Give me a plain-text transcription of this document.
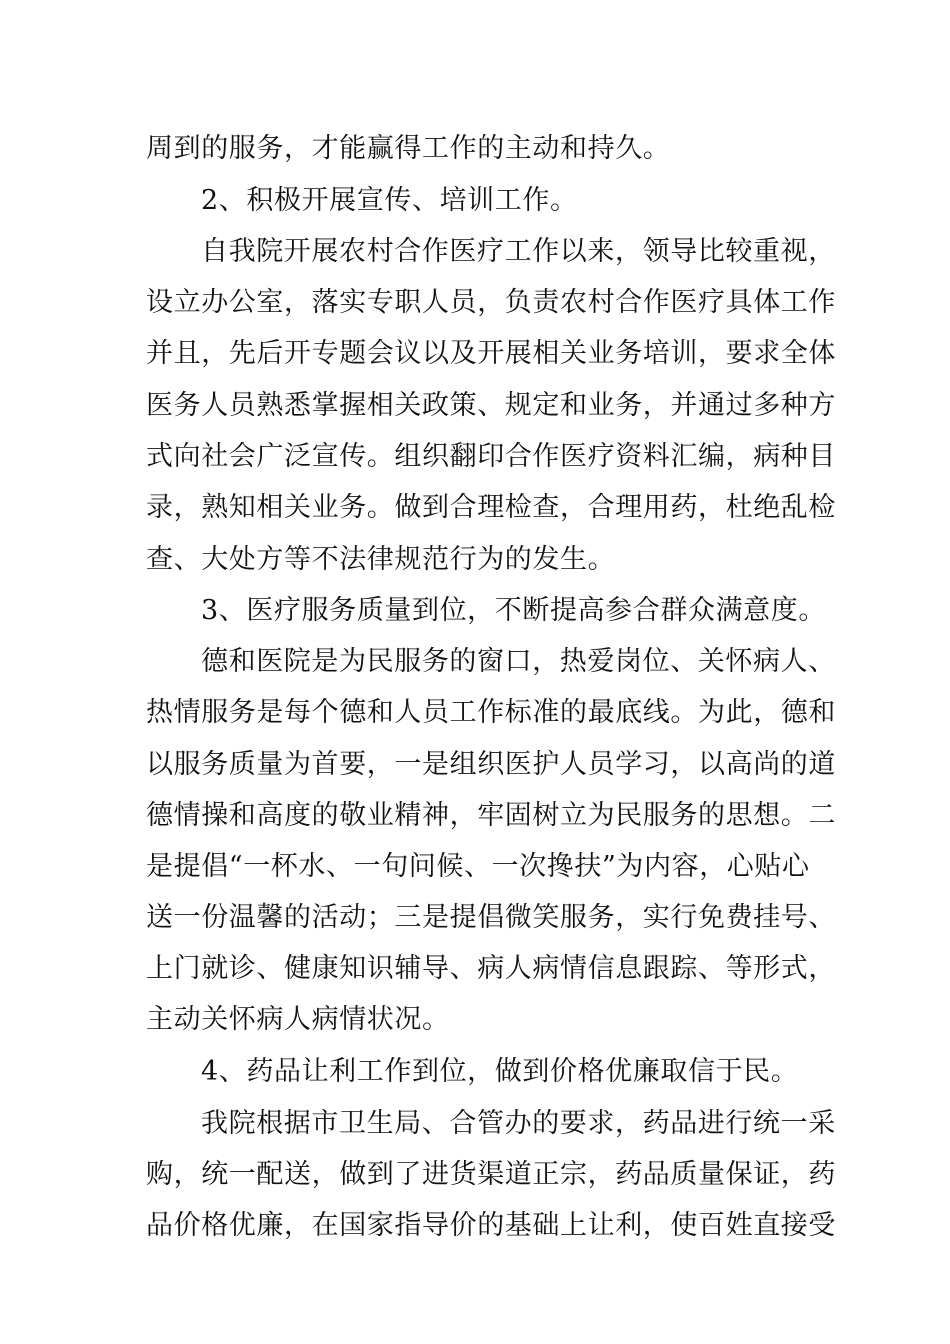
周到的服务，才能赢得工作的主动和持久。
2、积极开展宣传、培训工作。
自我院开展农村合作医疗工作以来，领导比较重视，
设立办公室，落实专职人员，负责农村合作医疗具体工作
并且，先后开专题会议以及开展相关业务培训，要求全体
医务人员熟悉掌握相关政策、规定和业务，并通过多种方
式向社会广泛宣传。组织翻印合作医疗资料汇编，病种目
录，熟知相关业务。做到合理检查，合理用药，杜绝乱检
查、大处方等不法律规范行为的发生。
3、医疗服务质量到位，不断提高参合群众满意度。
德和医院是为民服务的窗口，热爱岗位、关怀病人、
热情服务是每个德和人员工作标准的最底线。为此，德和
以服务质量为首要，一是组织医护人员学习，以高尚的道
德情操和高度的敬业精神，牢固树立为民服务的思想。二
是提倡“一杯水、一句问候、一次搀扶”为内容，心贴心
送一份温馨的活动；三是提倡微笑服务，实行免费挂号、
上门就诊、健康知识辅导、病人病情信息跟踪、等形式，
主动关怀病人病情状况。
4、药品让利工作到位，做到价格优廉取信于民。
我院根据市卫生局、合管办的要求，药品进行统一采
购，统一配送，做到了进货渠道正宗，药品质量保证，药
品价格优廉，在国家指导价的基础上让利，使百姓直接受
